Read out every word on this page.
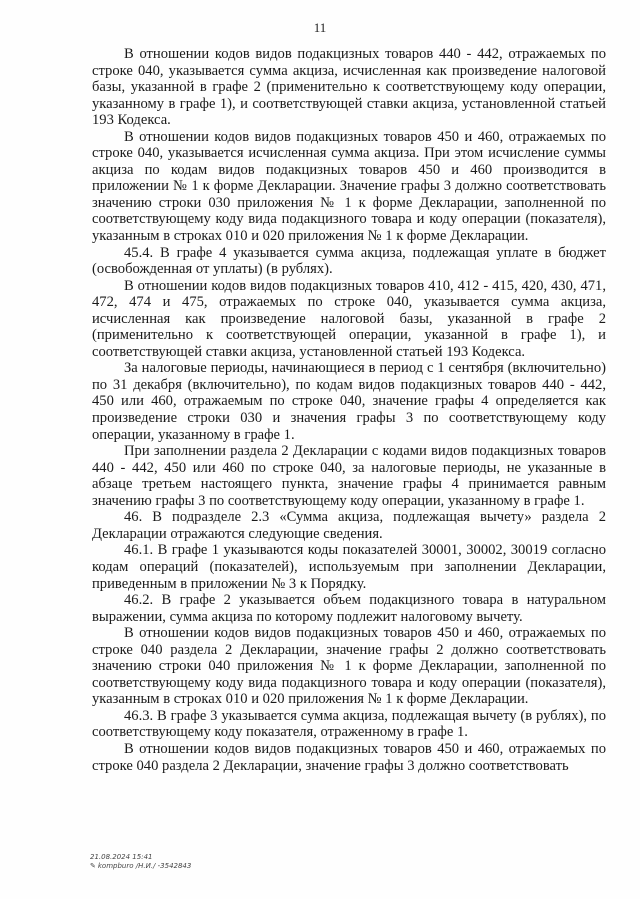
11

В отношении кодов видов подакцизных товаров 440 - 442, отражаемых по строке 040, указывается сумма акциза, исчисленная как произведение налоговой базы, указанной в графе 2 (применительно к соответствующему коду операции, указанному в графе 1), и соответствующей ставки акциза, установленной статьей 193 Кодекса.

В отношении кодов видов подакцизных товаров 450 и 460, отражаемых по строке 040, указывается исчисленная сумма акциза. При этом исчисление суммы акциза по кодам видов подакцизных товаров 450 и 460 производится в приложении № 1 к форме Декларации. Значение графы 3 должно соответствовать значению строки 030 приложения № 1 к форме Декларации, заполненной по соответствующему коду вида подакцизного товара и коду операции (показателя), указанным в строках 010 и 020 приложения № 1 к форме Декларации.

45.4. В графе 4 указывается сумма акциза, подлежащая уплате в бюджет (освобожденная от уплаты) (в рублях).

В отношении кодов видов подакцизных товаров 410, 412 - 415, 420, 430, 471, 472, 474 и 475, отражаемых по строке 040, указывается сумма акциза, исчисленная как произведение налоговой базы, указанной в графе 2 (применительно к соответствующей операции, указанной в графе 1), и соответствующей ставки акциза, установленной статьей 193 Кодекса.

За налоговые периоды, начинающиеся в период с 1 сентября (включительно) по 31 декабря (включительно), по кодам видов подакцизных товаров 440 - 442, 450 или 460, отражаемым по строке 040, значение графы 4 определяется как произведение строки 030 и значения графы 3 по соответствующему коду операции, указанному в графе 1.

При заполнении раздела 2 Декларации с кодами видов подакцизных товаров 440 - 442, 450 или 460 по строке 040, за налоговые периоды, не указанные в абзаце третьем настоящего пункта, значение графы 4 принимается равным значению графы 3 по соответствующему коду операции, указанному в графе 1.

46. В подразделе 2.3 «Сумма акциза, подлежащая вычету» раздела 2 Декларации отражаются следующие сведения.

46.1. В графе 1 указываются коды показателей 30001, 30002, 30019 согласно кодам операций (показателей), используемым при заполнении Декларации, приведенным в приложении № 3 к Порядку.

46.2. В графе 2 указывается объем подакцизного товара в натуральном выражении, сумма акциза по которому подлежит налоговому вычету.

В отношении кодов видов подакцизных товаров 450 и 460, отражаемых по строке 040 раздела 2 Декларации, значение графы 2 должно соответствовать значению строки 040 приложения № 1 к форме Декларации, заполненной по соответствующему коду вида подакцизного товара и коду операции (показателя), указанным в строках 010 и 020 приложения № 1 к форме Декларации.

46.3. В графе 3 указывается сумма акциза, подлежащая вычету (в рублях), по соответствующему коду показателя, отраженному в графе 1.

В отношении кодов видов подакцизных товаров 450 и 460, отражаемых по строке 040 раздела 2 Декларации, значение графы 3 должно соответствовать

21.08.2024 15:41
✎ kompburo /Н.И./ -3542843
